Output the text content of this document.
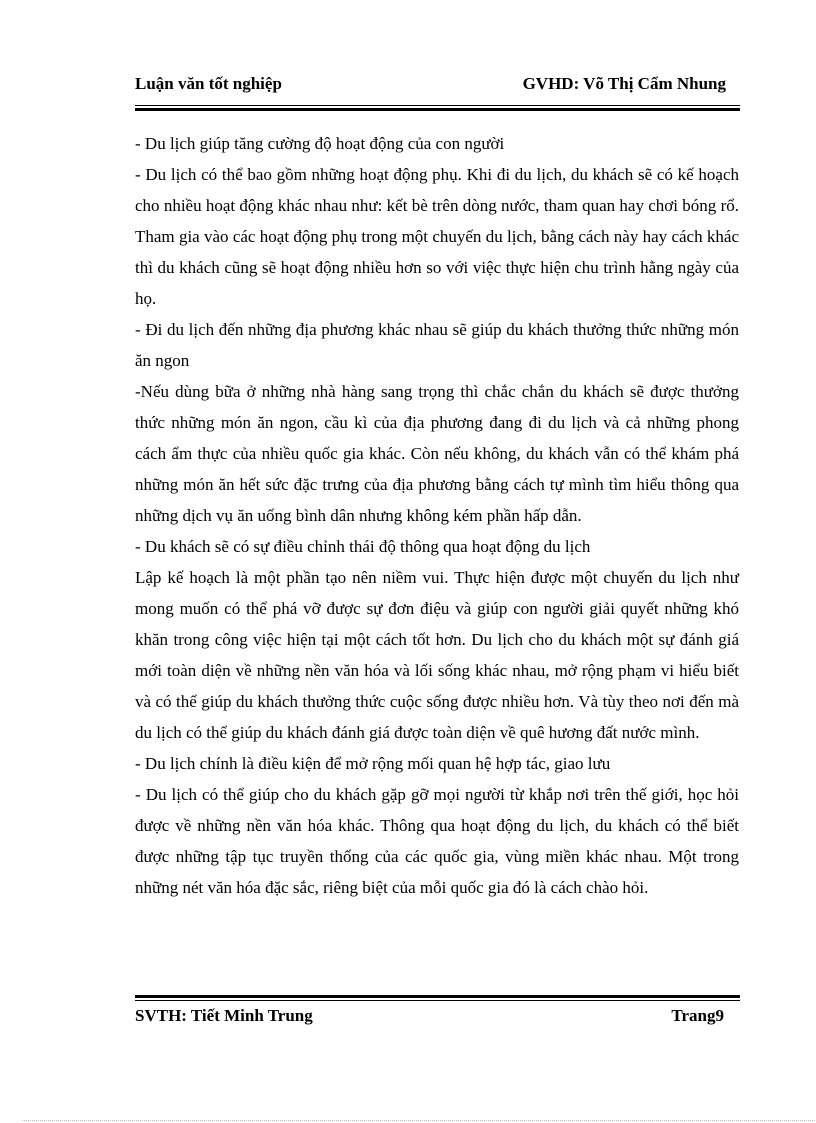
Luận văn tốt nghiệp	GVHD: Võ Thị Cẩm Nhung

- Du lịch giúp tăng cường độ hoạt động của con người

- Du lịch có thể bao gồm những hoạt động phụ. Khi đi du lịch, du khách sẽ có kế hoạch cho nhiều hoạt động khác nhau như: kết bè trên dòng nước, tham quan hay chơi bóng rổ. Tham gia vào các hoạt động phụ trong một chuyến du lịch, bằng cách này hay cách khác thì du khách cũng sẽ hoạt động nhiều hơn so với việc thực hiện chu trình hằng ngày của họ.

- Đi du lịch đến những địa phương khác nhau sẽ giúp du khách thưởng thức những món ăn ngon

-Nếu dùng bữa ở những nhà hàng sang trọng thì chắc chắn du khách sẽ được thưởng thức những món ăn ngon, cầu kì của địa phương đang đi du lịch và cả những phong cách ẩm thực của nhiều quốc gia khác. Còn nếu không, du khách vẫn có thể khám phá những món ăn hết sức đặc trưng của địa phương bằng cách tự mình tìm hiểu thông qua những dịch vụ ăn uống bình dân nhưng không kém phần hấp dẫn.

- Du khách sẽ có sự điều chỉnh thái độ thông qua hoạt động du lịch

Lập kế hoạch là một phần tạo nên niềm vui. Thực hiện được một chuyến du lịch như mong muốn có thể phá vỡ được sự đơn điệu và giúp con người giải quyết những khó khăn trong công việc hiện tại một cách tốt hơn. Du lịch cho du khách một sự đánh giá mới toàn diện về những nền văn hóa và lối sống khác nhau, mở rộng phạm vi hiểu biết và có thể giúp du khách thưởng thức cuộc sống được nhiều hơn. Và tùy theo nơi đến mà du lịch có thể giúp du khách đánh giá được toàn diện về quê hương đất nước mình.

- Du lịch chính là điều kiện để mở rộng mối quan hệ hợp tác, giao lưu

- Du lịch có thể giúp cho du khách gặp gỡ mọi người từ khắp nơi trên thế giới, học hỏi được về những nền văn hóa khác. Thông qua hoạt động du lịch, du khách có thể biết được những tập tục truyền thống của các quốc gia, vùng miền khác nhau. Một trong những nét văn hóa đặc sắc, riêng biệt của mỗi quốc gia đó là cách chào hỏi.

SVTH: Tiết Minh Trung	Trang9
